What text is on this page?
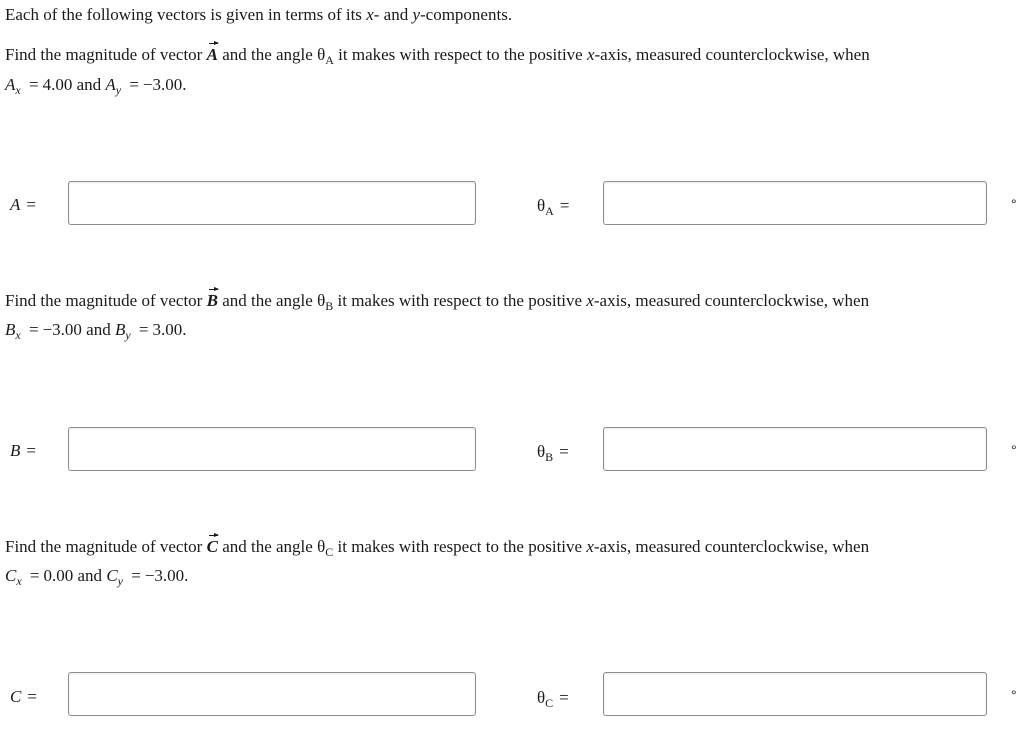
Each of the following vectors is given in terms of its x- and y-components.
Find the magnitude of vector A and the angle $\theta_A$ it makes with respect to the positive x-axis, measured counterclockwise, when
$A_x = 4.00$ and $A_y = -3.00$.
A =	$\theta_A$ =	°
Find the magnitude of vector B and the angle $\theta_B$ it makes with respect to the positive x-axis, measured counterclockwise, when
$B_x = -3.00$ and $B_y = 3.00$.
B =	$\theta_B$ =	°
Find the magnitude of vector C and the angle $\theta_C$ it makes with respect to the positive x-axis, measured counterclockwise, when
$C_x = 0.00$ and $C_y = -3.00$.
C =	$\theta_C$ =	°
